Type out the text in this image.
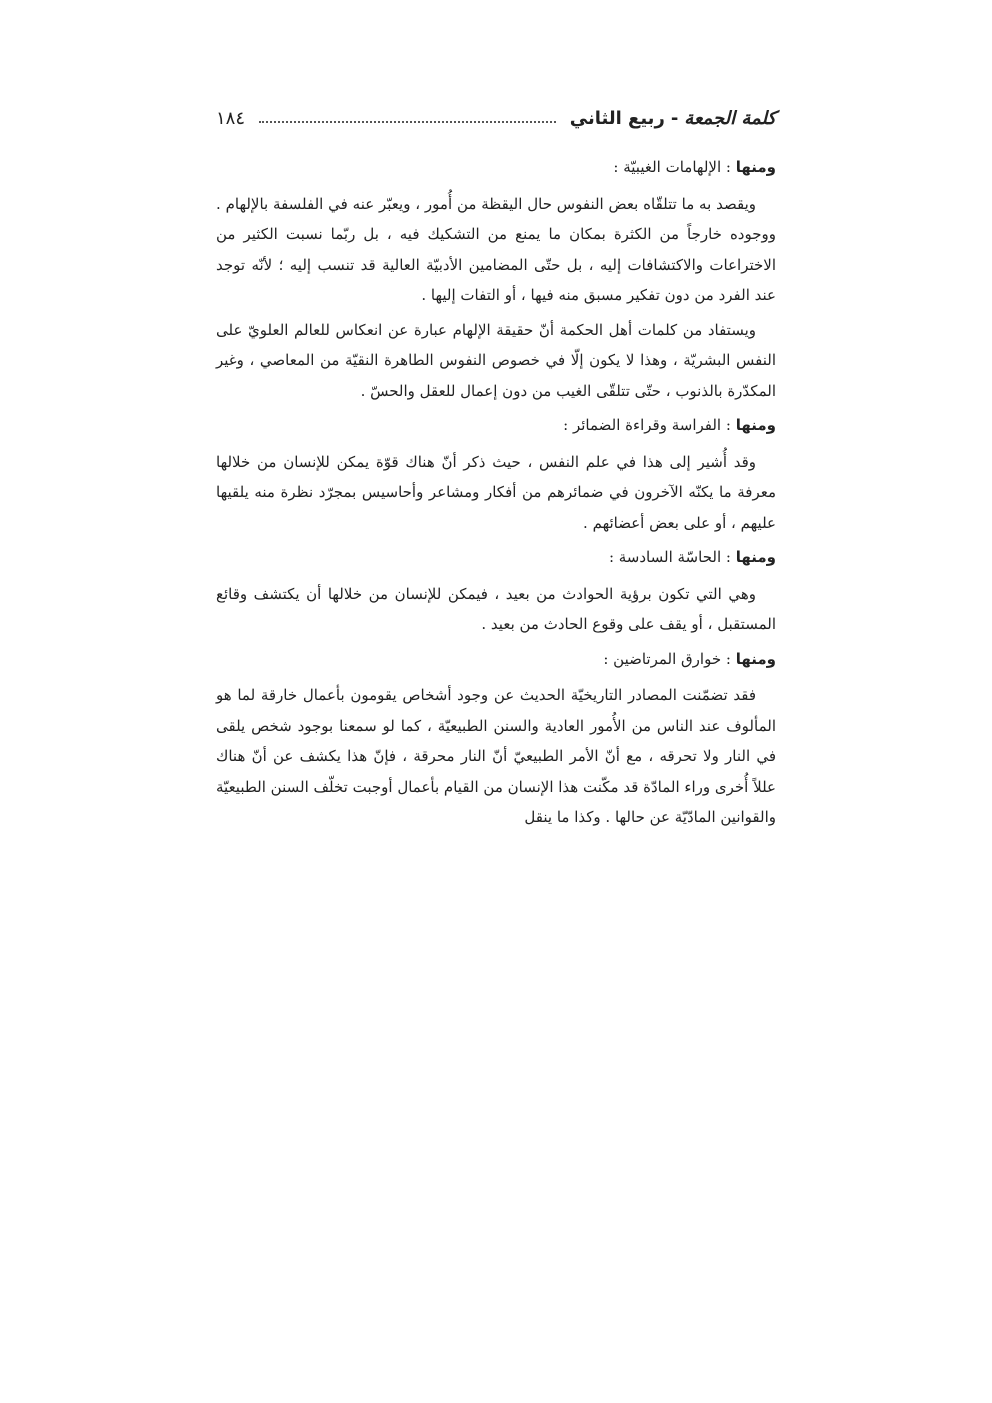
كلمة الجمعة
-
ربيع الثاني
١٨٤

ومنها : الإلهامات الغيبيّة :

ويقصد به ما تتلقّاه بعض النفوس حال اليقظة من أُمور ، ويعبّر عنه في الفلسفة بالإلهام . ووجوده خارجاً من الكثرة بمكان ما يمنع من التشكيك فيه ، بل ربّما نسبت الكثير من الاختراعات والاكتشافات إليه ، بل حتّى المضامين الأدبيّة العالية قد تنسب إليه ؛ لأنّه توجد عند الفرد من دون تفكير مسبق منه فيها ، أو التفات إليها .

ويستفاد من كلمات أهل الحكمة أنّ حقيقة الإلهام عبارة عن انعكاس للعالم العلويّ على النفس البشريّة ، وهذا لا يكون إلّا في خصوص النفوس الطاهرة النقيّة من المعاصي ، وغير المكدّرة بالذنوب ، حتّى تتلقّى الغيب من دون إعمال للعقل والحسّ .

ومنها : الفراسة وقراءة الضمائر :

وقد أُشير إلى هذا في علم النفس ، حيث ذكر أنّ هناك قوّة يمكن للإنسان من خلالها معرفة ما يكنّه الآخرون في ضمائرهم من أفكار ومشاعر وأحاسيس بمجرّد نظرة منه يلقيها عليهم ، أو على بعض أعضائهم .

ومنها : الحاسّة السادسة :

وهي التي تكون برؤية الحوادث من بعيد ، فيمكن للإنسان من خلالها أن يكتشف وقائع المستقبل ، أو يقف على وقوع الحادث من بعيد .

ومنها : خوارق المرتاضين :

فقد تضمّنت المصادر التاريخيّة الحديث عن وجود أشخاص يقومون بأعمال خارقة لما هو المألوف عند الناس من الأُمور العادية والسنن الطبيعيّة ، كما لو سمعنا بوجود شخص يلقى في النار ولا تحرقه ، مع أنّ الأمر الطبيعيّ أنّ النار محرقة ، فإنّ هذا يكشف عن أنّ هناك عللاً أُخرى وراء المادّة قد مكّنت هذا الإنسان من القيام بأعمال أوجبت تخلّف السنن الطبيعيّة والقوانين المادّيّة عن حالها . وكذا ما ينقل
